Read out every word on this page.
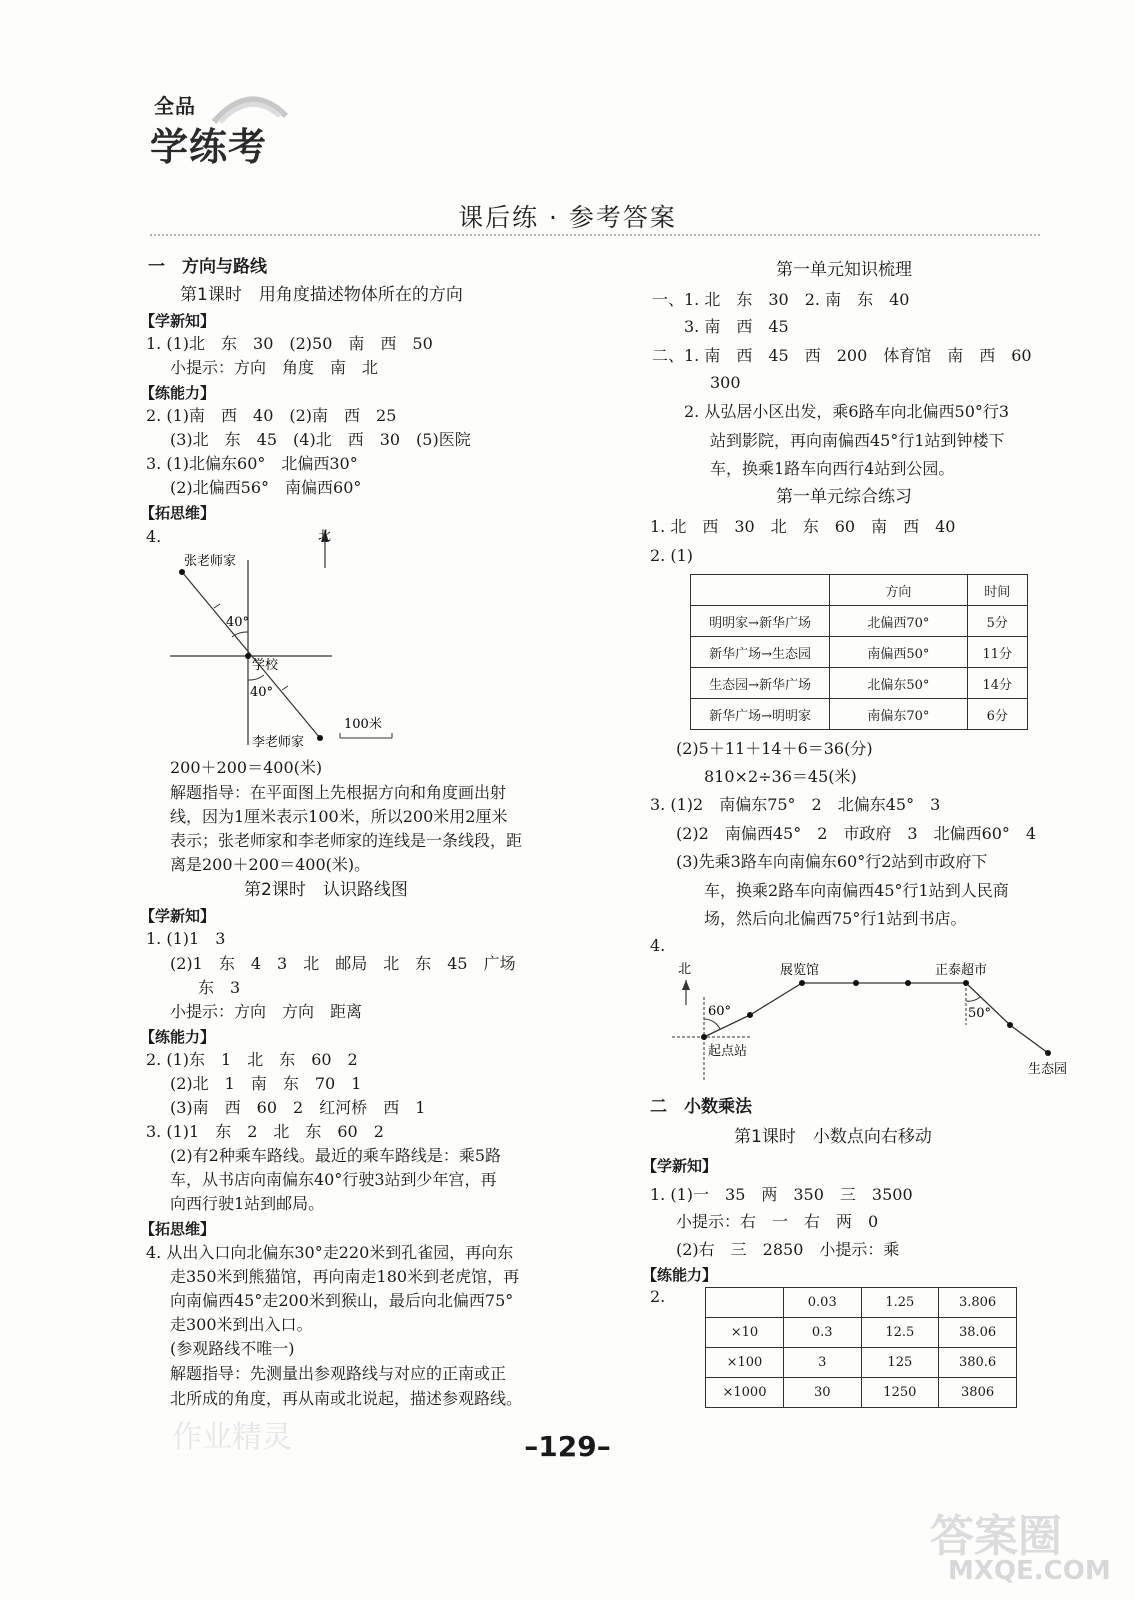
全品
学练考
课后练 · 参考答案
一　方向与路线
第1课时　用角度描述物体所在的方向
【学新知】
1. (1)北　东　30　(2)50　南　西　50
小提示：方向　角度　南　北
【练能力】
2. (1)南　西　40　(2)南　西　25
(3)北　东　45　(4)北　西　30　(5)医院
3. (1)北偏东60°　北偏西30°
(2)北偏西56°　南偏西60°
【拓思维】
4.	北
张老师家
学校
40°
40°
李老师家
100米
200＋200＝400(米)
解题指导：在平面图上先根据方向和角度画出射
线，因为1厘米表示100米，所以200米用2厘米
表示；张老师家和李老师家的连线是一条线段，距
离是200＋200＝400(米)。
第2课时　认识路线图
【学新知】
1. (1)1　3
(2)1　东　4　3　北　邮局　北　东　45　广场
东　3
小提示：方向　方向　距离
【练能力】
2. (1)东　1　北　东　60　2
(2)北　1　南　东　70　1
(3)南　西　60　2　红河桥　西　1
3. (1)1　东　2　北　东　60　2
(2)有2种乘车路线。最近的乘车路线是：乘5路
车，从书店向南偏东40°行驶3站到少年宫，再
向西行驶1站到邮局。
【拓思维】
4. 从出入口向北偏东30°走220米到孔雀园，再向东
走350米到熊猫馆，再向南走180米到老虎馆，再
向南偏西45°走200米到猴山，最后向北偏西75°
走300米到出入口。
(参观路线不唯一)
解题指导：先测量出参观路线与对应的正南或正
北所成的角度，再从南或北说起，描述参观路线。
第一单元知识梳理
一、1. 北　东　30　2. 南　东　40
3. 南　西　45
二、1. 南　西　45　西　200　体育馆　南　西　60
300
2. 从弘居小区出发，乘6路车向北偏西50°行3
站到影院，再向南偏西45°行1站到钟楼下
车，换乘1路车向西行4站到公园。
第一单元综合练习
1. 北　西　30　北　东　60　南　西　40
2. (1)
	方向	时间
明明家→新华广场	北偏西70°	5分
新华广场→生态园	南偏西50°	11分
生态园→新华广场	北偏东50°	14分
新华广场→明明家	南偏东70°	6分
(2)5＋11＋14＋6＝36(分)
810×2÷36＝45(米)
3. (1)2　南偏东75°　2　北偏东45°　3
(2)2　南偏西45°　2　市政府　3　北偏西60°　4
(3)先乘3路车向南偏东60°行2站到市政府下
车，换乘2路车向南偏西45°行1站到人民商
场，然后向北偏西75°行1站到书店。
4.
北	展览馆	正泰超市
起点站
生态园
60°	50°
二　小数乘法
第1课时　小数点向右移动
【学新知】
1. (1)一　35　两　350　三　3500
小提示：右　一　右　两　0
(2)右　三　2850　小提示：乘
【练能力】
2.
		0.03	1.25	3.806
×10	0.3	12.5	38.06
×100	3	125	380.6
×1000	30	1250	3806
–129–
作业精灵
答案圈
MXQE.COM
